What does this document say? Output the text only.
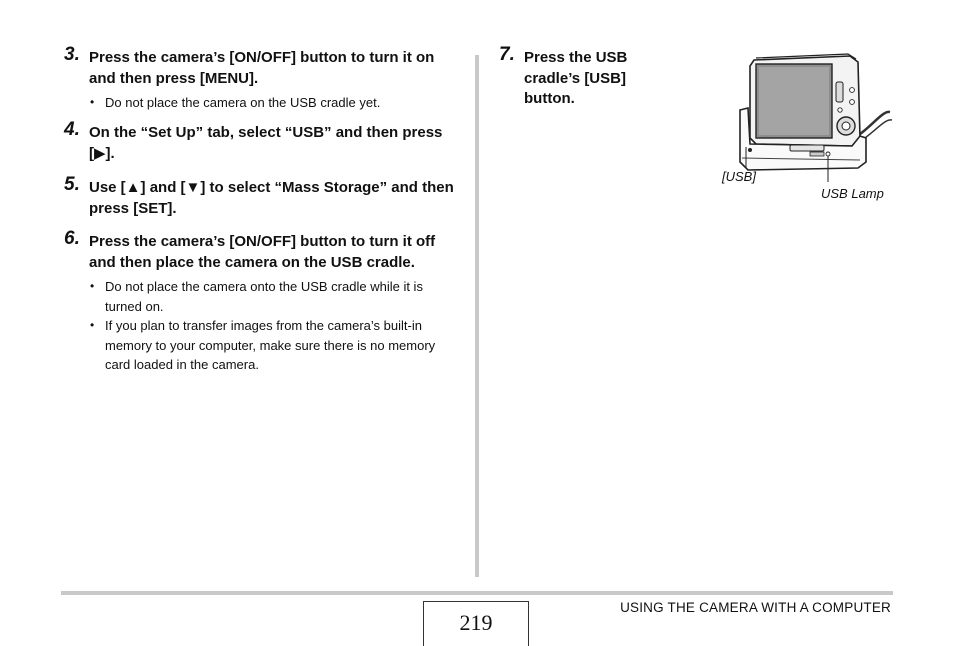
3. Press the camera’s [ON/OFF] button to turn it on and then press [MENU].

• Do not place the camera on the USB cradle yet.
4. On the “Set Up” tab, select “USB” and then press [▶].

5. Use [▲] and [▼] to select “Mass Storage” and then press [SET].

6. Press the camera’s [ON/OFF] button to turn it off and then place the camera on the USB cradle.

• Do not place the camera onto the USB cradle while it is turned on.
• If you plan to transfer images from the camera’s built-in memory to your computer, make sure there is no memory card loaded in the camera.
7. Press the USB cradle’s [USB] button.

[USB]
USB Lamp
219
USING THE CAMERA WITH A COMPUTER
